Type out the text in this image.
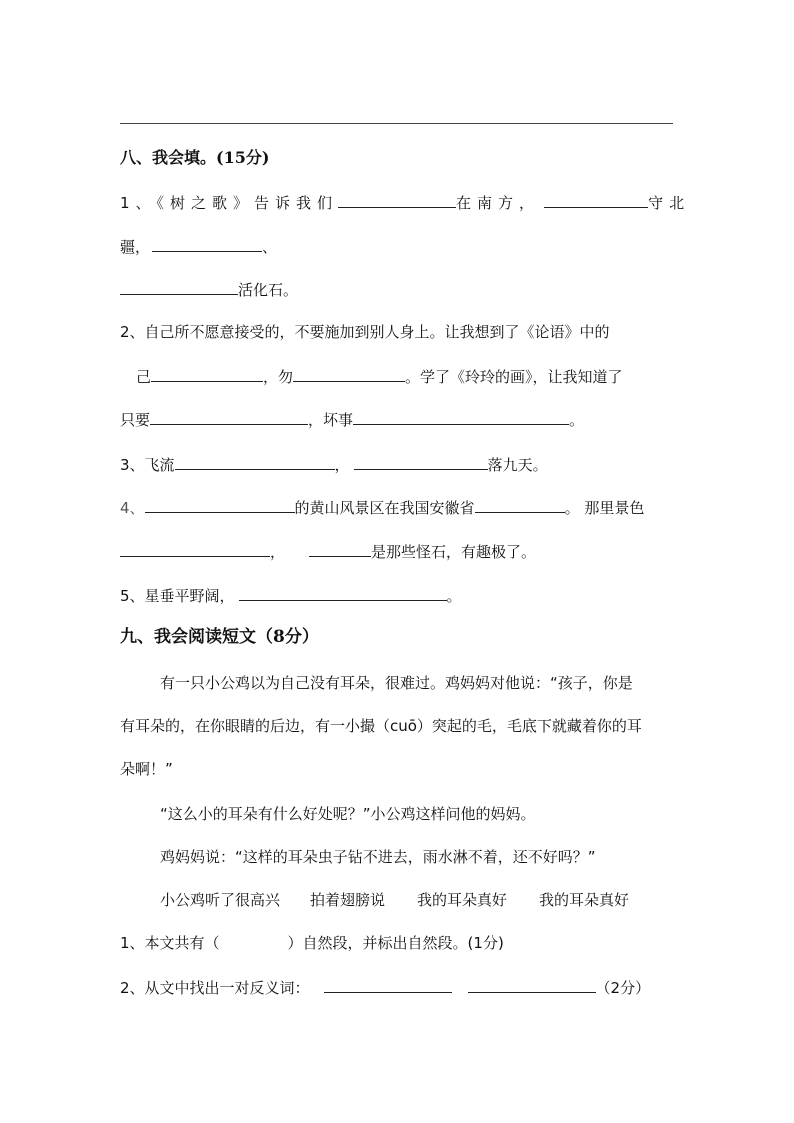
八、我会填。(15分)
1、《树之歌》告诉我们	在南方，	守北
疆，	、
活化石。
2、自己所不愿意接受的，不要施加到别人身上。让我想到了《论语》中的
己	，勿	。学了《玲玲的画》，让我知道了
只要	，坏事	。
3、飞流	，	落九天。
4、	的黄山风景区在我国安徽省	。 那里景色
，	是那些怪石，有趣极了。
5、星垂平野阔，	。
九、我会阅读短文（8分）
有一只小公鸡以为自己没有耳朵，很难过。鸡妈妈对他说：“孩子，你是
有耳朵的，在你眼睛的后边，有一小撮（cuō）突起的毛，毛底下就藏着你的耳
朵啊！”
“这么小的耳朵有什么好处呢？”小公鸡这样问他的妈妈。
鸡妈妈说：“这样的耳朵虫子钻不进去，雨水淋不着，还不好吗？”
小公鸡听了很高兴 拍着翅膀说 我的耳朵真好 我的耳朵真好
1、本文共有（	）自然段，并标出自然段。(1分)
2、从文中找出一对反义词：	（2分）
